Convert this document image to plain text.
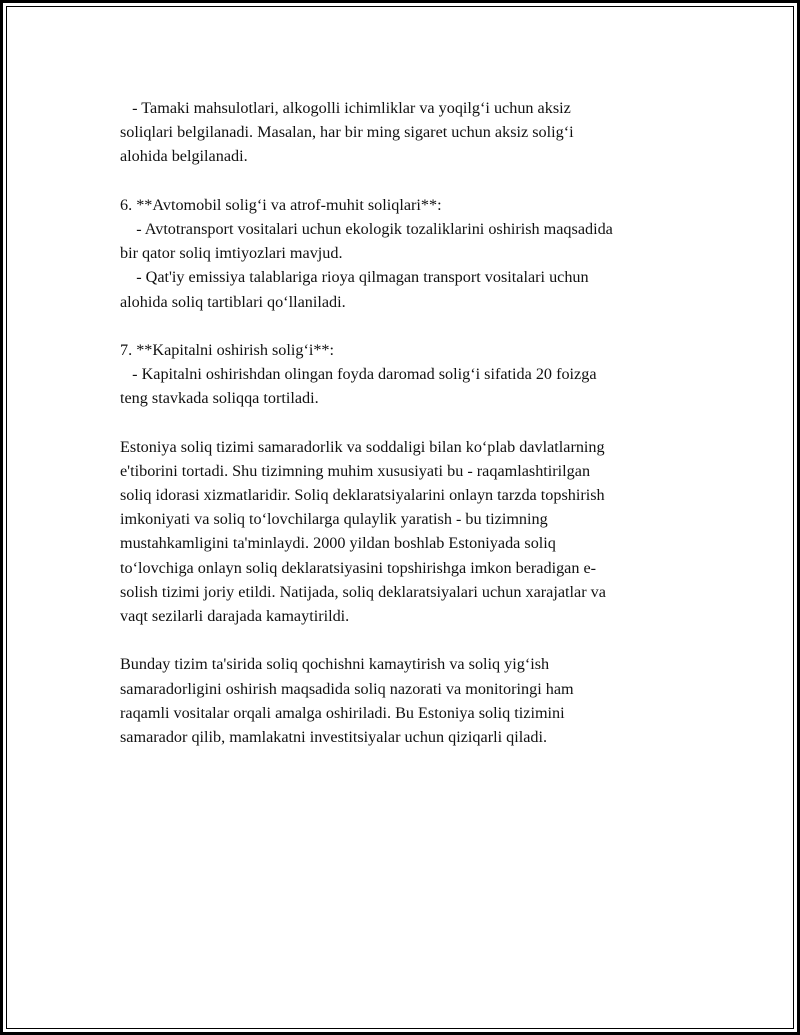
- Tamaki mahsulotlari, alkogolli ichimliklar va yoqilg‘i uchun aksiz
soliqlari belgilanadi. Masalan, har bir ming sigaret uchun aksiz solig‘i
alohida belgilanadi.
6. **Avtomobil solig‘i va atrof-muhit soliqlari**:
- Avtotransport vositalari uchun ekologik tozaliklarini oshirish maqsadida
bir qator soliq imtiyozlari mavjud.
- Qat'iy emissiya talablariga rioya qilmagan transport vositalari uchun
alohida soliq tartiblari qo‘llaniladi.
7. **Kapitalni oshirish solig‘i**:
- Kapitalni oshirishdan olingan foyda daromad solig‘i sifatida 20 foizga
teng stavkada soliqqa tortiladi.
Estoniya soliq tizimi samaradorlik va soddaligi bilan ko‘plab davlatlarning
e'tiborini tortadi. Shu tizimning muhim xususiyati bu - raqamlashtirilgan
soliq idorasi xizmatlaridir. Soliq deklaratsiyalarini onlayn tarzda topshirish
imkoniyati va soliq to‘lovchilarga qulaylik yaratish - bu tizimning
mustahkamligini ta'minlaydi. 2000 yildan boshlab Estoniyada soliq
to‘lovchiga onlayn soliq deklaratsiyasini topshirishga imkon beradigan e-
solish tizimi joriy etildi. Natijada, soliq deklaratsiyalari uchun xarajatlar va
vaqt sezilarli darajada kamaytirildi.
Bunday tizim ta'sirida soliq qochishni kamaytirish va soliq yig‘ish
samaradorligini oshirish maqsadida soliq nazorati va monitoringi ham
raqamli vositalar orqali amalga oshiriladi. Bu Estoniya soliq tizimini
samarador qilib, mamlakatni investitsiyalar uchun qiziqarli qiladi.
